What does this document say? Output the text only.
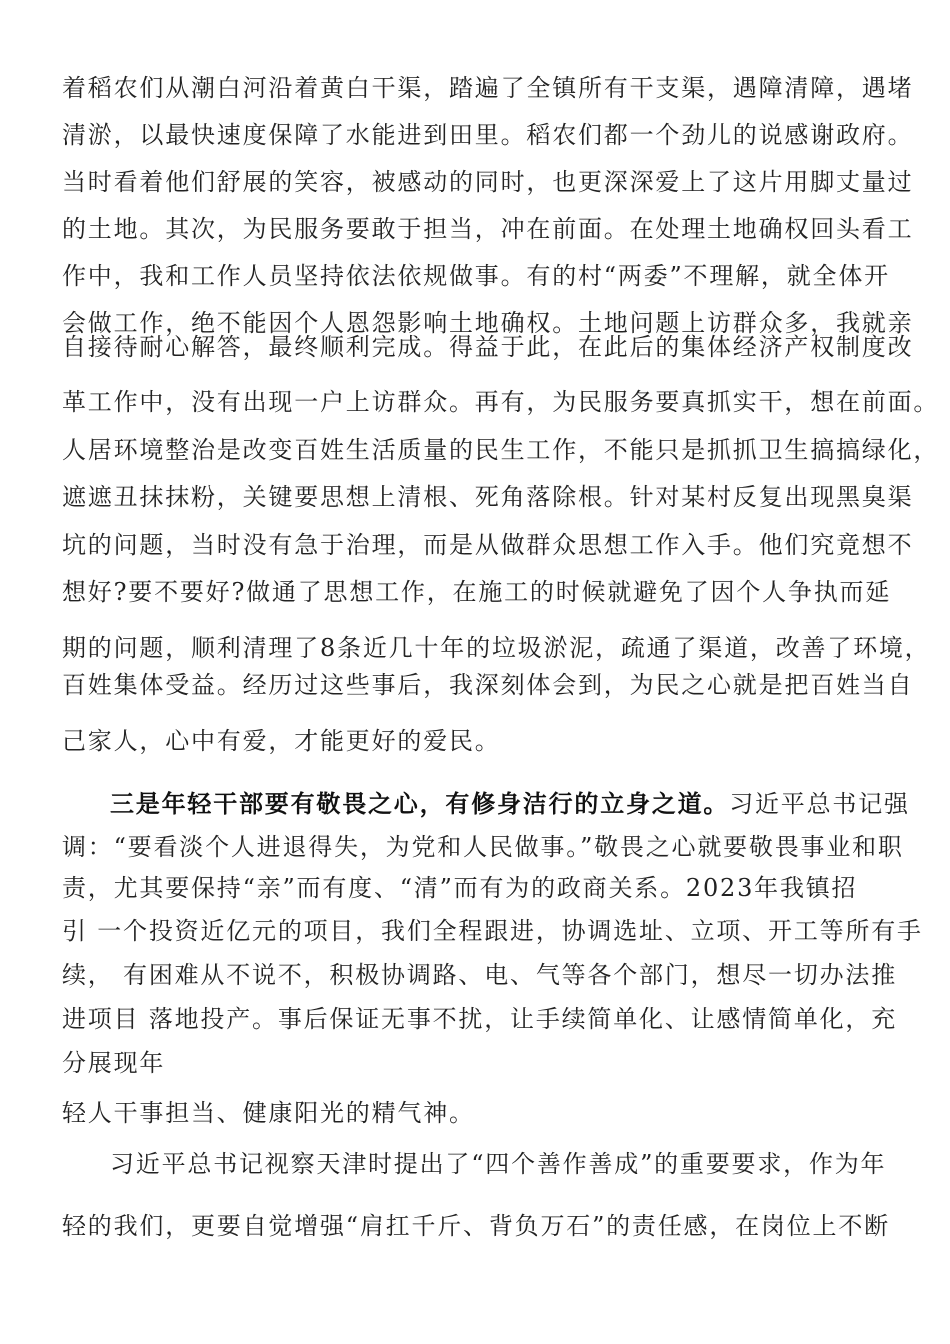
着稻农们从潮白河沿着黄白干渠，踏遍了全镇所有干支渠，遇障清障，遇堵
清淤，以最快速度保障了水能进到田里。稻农们都一个劲儿的说感谢政府。
当时看着他们舒展的笑容，被感动的同时，也更深深爱上了这片用脚丈量过
的土地。其次，为民服务要敢于担当，冲在前面。在处理土地确权回头看工
作中，我和工作人员坚持依法依规做事。有的村“两委”不理解，就全体开
会做工作，绝不能因个人恩怨影响土地确权。土地问题上访群众多，我就亲
自接待耐心解答，最终顺利完成。得益于此，在此后的集体经济产权制度改
革工作中，没有出现一户上访群众。再有，为民服务要真抓实干，想在前面。
人居环境整治是改变百姓生活质量的民生工作，不能只是抓抓卫生搞搞绿化，
遮遮丑抹抹粉，关键要思想上清根、死角落除根。针对某村反复出现黑臭渠
坑的问题，当时没有急于治理，而是从做群众思想工作入手。他们究竟想不
想好?要不要好?做通了思想工作，在施工的时候就避免了因个人争执而延
期的问题，顺利清理了8条近几十年的垃圾淤泥，疏通了渠道，改善了环境，
百姓集体受益。经历过这些事后，我深刻体会到，为民之心就是把百姓当自
己家人，心中有爱，才能更好的爱民。
三是年轻干部要有敬畏之心，有修身洁行的立身之道。习近平总书记强
调：“要看淡个人进退得失，为党和人民做事。”敬畏之心就要敬畏事业和职
责，尤其要保持“亲”而有度、“清”而有为的政商关系。2023年我镇招
引 一个投资近亿元的项目，我们全程跟进，协调选址、立项、开工等所有手
续， 有困难从不说不，积极协调路、电、气等各个部门，想尽一切办法推
进项目 落地投产。事后保证无事不扰，让手续简单化、让感情简单化，充
分展现年
轻人干事担当、健康阳光的精气神。
习近平总书记视察天津时提出了“四个善作善成”的重要要求，作为年
轻的我们，更要自觉增强“肩扛千斤、背负万石”的责任感，在岗位上不断
